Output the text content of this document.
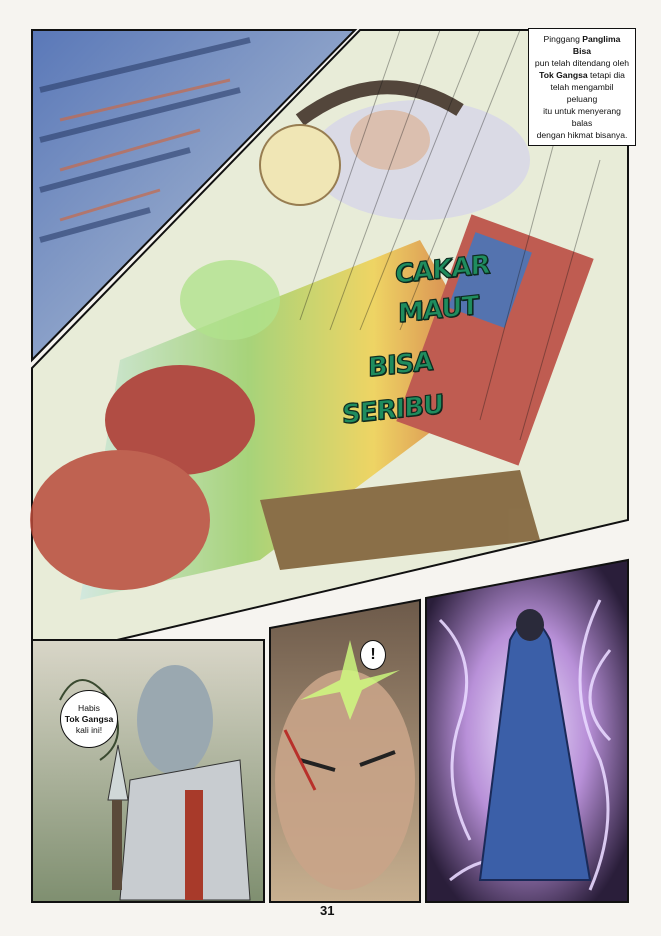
Pinggang Panglima Bisa
pun telah ditendang oleh
Tok Gangsa tetapi dia
telah mengambil peluang
itu untuk menyerang balas
dengan hikmat bisanya.
CAKAR
MAUT
BISA
SERIBU
Habis
Tok Gangsa
kali ini!
!
31
